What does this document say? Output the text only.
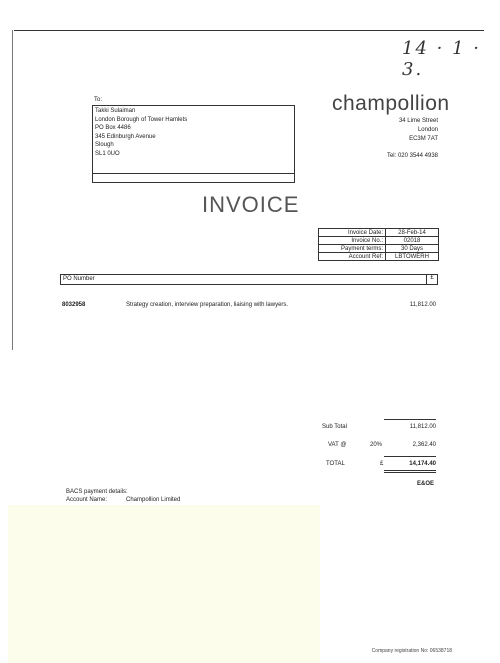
14 · 1 · 3.
To:
Takki Sulaiman
London Borough of Tower Hamlets
PO Box 4486
345 Edinburgh Avenue
Slough
SL1 0UO
champollion
34 Lime Street
London
EC3M 7AT
Tel: 020 3544 4938
INVOICE
Invoice Date:	28-Feb-14
Invoice No.:	02018
Payment terms:	30 Days
Account Ref:	LBTOWERH
PO Number	£
8032958	Strategy creation, interview preparation, liaising with lawyers.	11,812.00
Sub Total	11,812.00
VAT @	20%	2,362.40
TOTAL	£	14,174.40
E&OE
BACS payment details:
Account Name:	Champollion Limited
Company registration No: 06538718
